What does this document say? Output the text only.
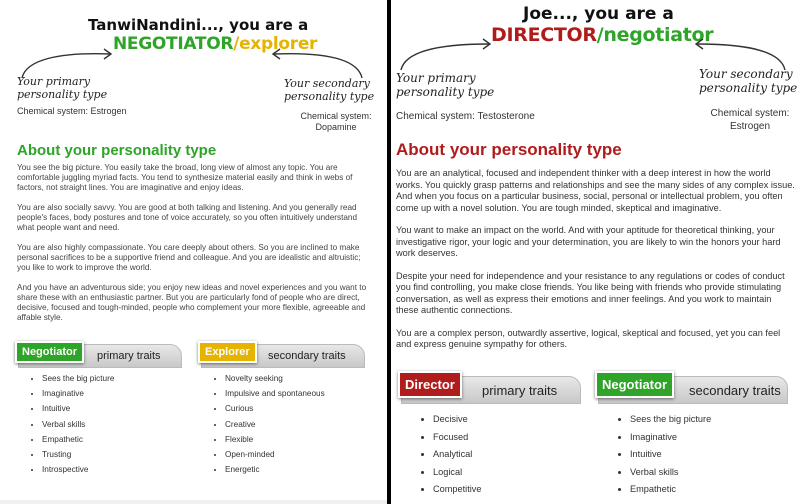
TanwiNandini..., you are a
NEGOTIATOR/explorer
Your primary personality type
Chemical system: Estrogen
Your secondary personality type
Chemical system: Dopamine
About your personality type

You see the big picture. You easily take the broad, long view of almost any topic. You are comfortable juggling myriad facts. You tend to synthesize material easily and think in webs of factors, not straight lines. You are imaginative and enjoy ideas.

You are also socially savvy. You are good at both talking and listening. And you generally read people's faces, body postures and tone of voice accurately, so you often intuitively understand what people want and need.

You are also highly compassionate. You care deeply about others. So you are inclined to make personal sacrifices to be a supportive friend and colleague. And you are idealistic and altruistic; you like to work to improve the world.

And you have an adventurous side; you enjoy new ideas and novel experiences and you want to share these with an enthusiastic partner. But you are particularly fond of people who are direct, decisive, focused and tough-minded, people who complement your more flexible, agreeable and affable style.

Negotiator	primary traits
• Sees the big picture
• Imaginative
• Intuitive
• Verbal skills
• Empathetic
• Trusting
• Introspective
Explorer	secondary traits
• Novelty seeking
• Impulsive and spontaneous
• Curious
• Creative
• Flexible
• Open-minded
• Energetic
Joe..., you are a
DIRECTOR/negotiator
Your primary personality type
Chemical system: Testosterone
Your secondary personality type
Chemical system: Estrogen
About your personality type

You are an analytical, focused and independent thinker with a deep interest in how the world works. You quickly grasp patterns and relationships and see the many sides of any complex issue. And when you focus on a particular business, social, personal or intellectual problem, you often come up with a novel solution. You are tough minded, skeptical and imaginative.

You want to make an impact on the world. And with your aptitude for theoretical thinking, your investigative rigor, your logic and your determination, you are likely to win the honors your hard work deserves.

Despite your need for independence and your resistance to any regulations or codes of conduct you find controlling, you make close friends. You like being with friends who provide stimulating conversation, as well as express their emotions and inner feelings. And you work to maintain these authentic connections.

You are a complex person, outwardly assertive, logical, skeptical and focused, yet you can feel and express genuine sympathy for others.

Director	primary traits
• Decisive
• Focused
• Analytical
• Logical
• Competitive
Negotiator	secondary traits
• Sees the big picture
• Imaginative
• Intuitive
• Verbal skills
• Empathetic
